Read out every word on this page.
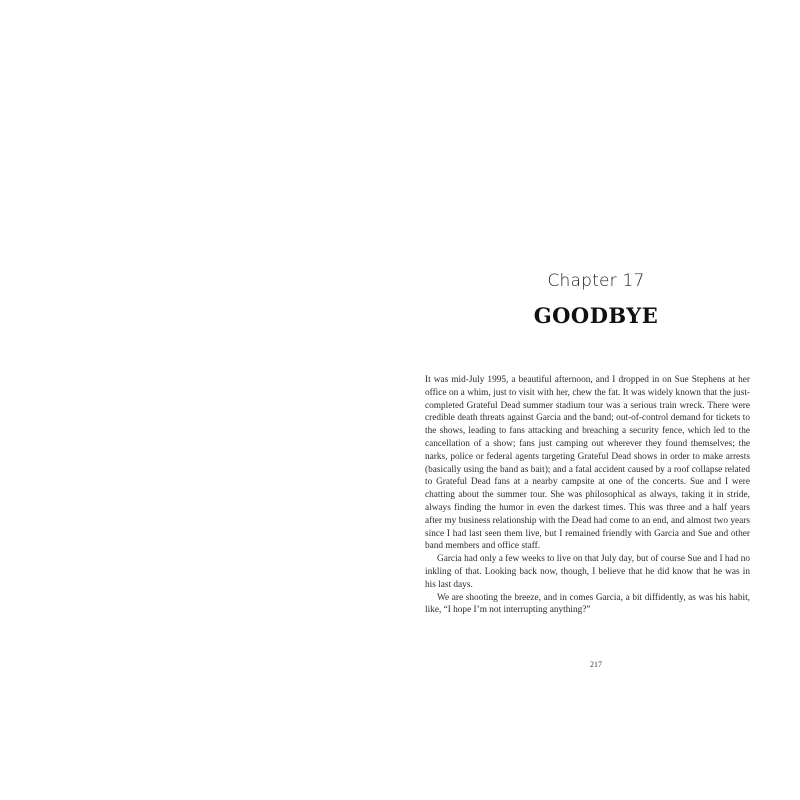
Chapter 17
GOODBYE

It was mid-July 1995, a beautiful afternoon, and I dropped in on Sue Stephens at her office on a whim, just to visit with her, chew the fat. It was widely known that the just-completed Grateful Dead summer stadium tour was a serious train wreck. There were credible death threats against Garcia and the band; out-of-control demand for tickets to the shows, leading to fans attacking and breaching a security fence, which led to the cancellation of a show; fans just camping out wherever they found themselves; the narks, police or federal agents targeting Grateful Dead shows in order to make arrests (basically using the band as bait); and a fatal accident caused by a roof collapse related to Grateful Dead fans at a nearby campsite at one of the concerts. Sue and I were chatting about the summer tour. She was philosophical as always, taking it in stride, always finding the humor in even the darkest times. This was three and a half years after my business relationship with the Dead had come to an end, and almost two years since I had last seen them live, but I remained friendly with Garcia and Sue and other band members and office staff.

Garcia had only a few weeks to live on that July day, but of course Sue and I had no inkling of that. Looking back now, though, I believe that he did know that he was in his last days.

We are shooting the breeze, and in comes Garcia, a bit diffidently, as was his habit, like, “I hope I’m not interrupting anything?”

217
